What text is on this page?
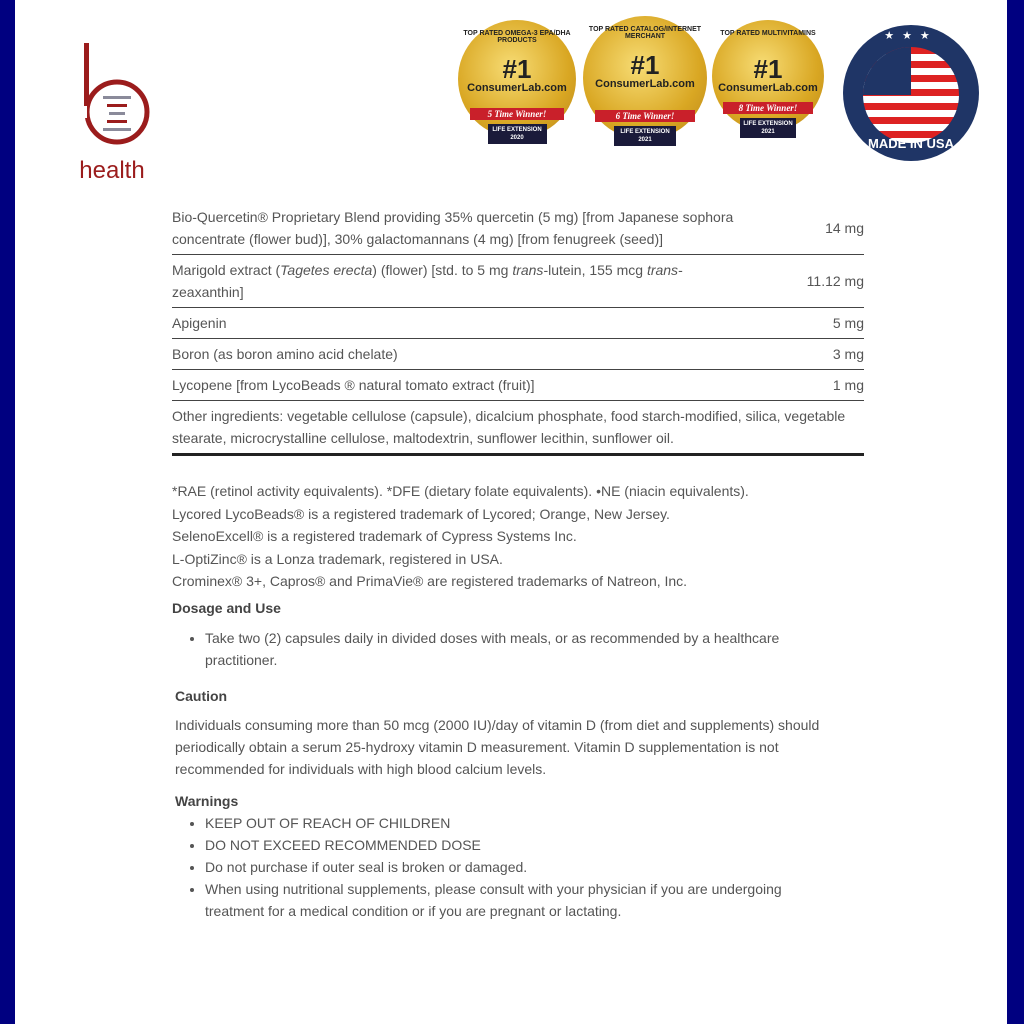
health
TOP RATED OMEGA-3 EPA/DHA PRODUCTS
#1
ConsumerLab.com
5 Time Winner!
LIFE EXTENSION
2020
TOP RATED CATALOG/INTERNET MERCHANT
#1
ConsumerLab.com
6 Time Winner!
LIFE EXTENSION
2021
TOP RATED MULTIVITAMINS
#1
ConsumerLab.com
8 Time Winner!
LIFE EXTENSION
2021
★★★
MADE IN USA
Bio-Quercetin® Proprietary Blend providing 35% quercetin (5 mg) [from Japanese sophora concentrate (flower bud)], 30% galactomannans (4 mg) [from fenugreek (seed)]	14 mg
Marigold extract (Tagetes erecta) (flower) [std. to 5 mg trans-lutein, 155 mcg trans-zeaxanthin]	11.12 mg
Apigenin	5 mg
Boron (as boron amino acid chelate)	3 mg
Lycopene [from LycoBeads ® natural tomato extract (fruit)]	1 mg
Other ingredients: vegetable cellulose (capsule), dicalcium phosphate, food starch-modified, silica, vegetable stearate, microcrystalline cellulose, maltodextrin, sunflower lecithin, sunflower oil.	
*RAE (retinol activity equivalents). *DFE (dietary folate equivalents). •NE (niacin equivalents).
Lycored LycoBeads® is a registered trademark of Lycored; Orange, New Jersey.
SelenoExcell® is a registered trademark of Cypress Systems Inc.
L-OptiZinc® is a Lonza trademark, registered in USA.
Crominex® 3+, Capros® and PrimaVie® are registered trademarks of Natreon, Inc.
Dosage and Use
• Take two (2) capsules daily in divided doses with meals, or as recommended by a healthcare practitioner.
Caution

Individuals consuming more than 50 mcg (2000 IU)/day of vitamin D (from diet and supplements) should periodically obtain a serum 25-hydroxy vitamin D measurement. Vitamin D supplementation is not recommended for individuals with high blood calcium levels.

Warnings
• KEEP OUT OF REACH OF CHILDREN
• DO NOT EXCEED RECOMMENDED DOSE
• Do not purchase if outer seal is broken or damaged.
• When using nutritional supplements, please consult with your physician if you are undergoing treatment for a medical condition or if you are pregnant or lactating.
